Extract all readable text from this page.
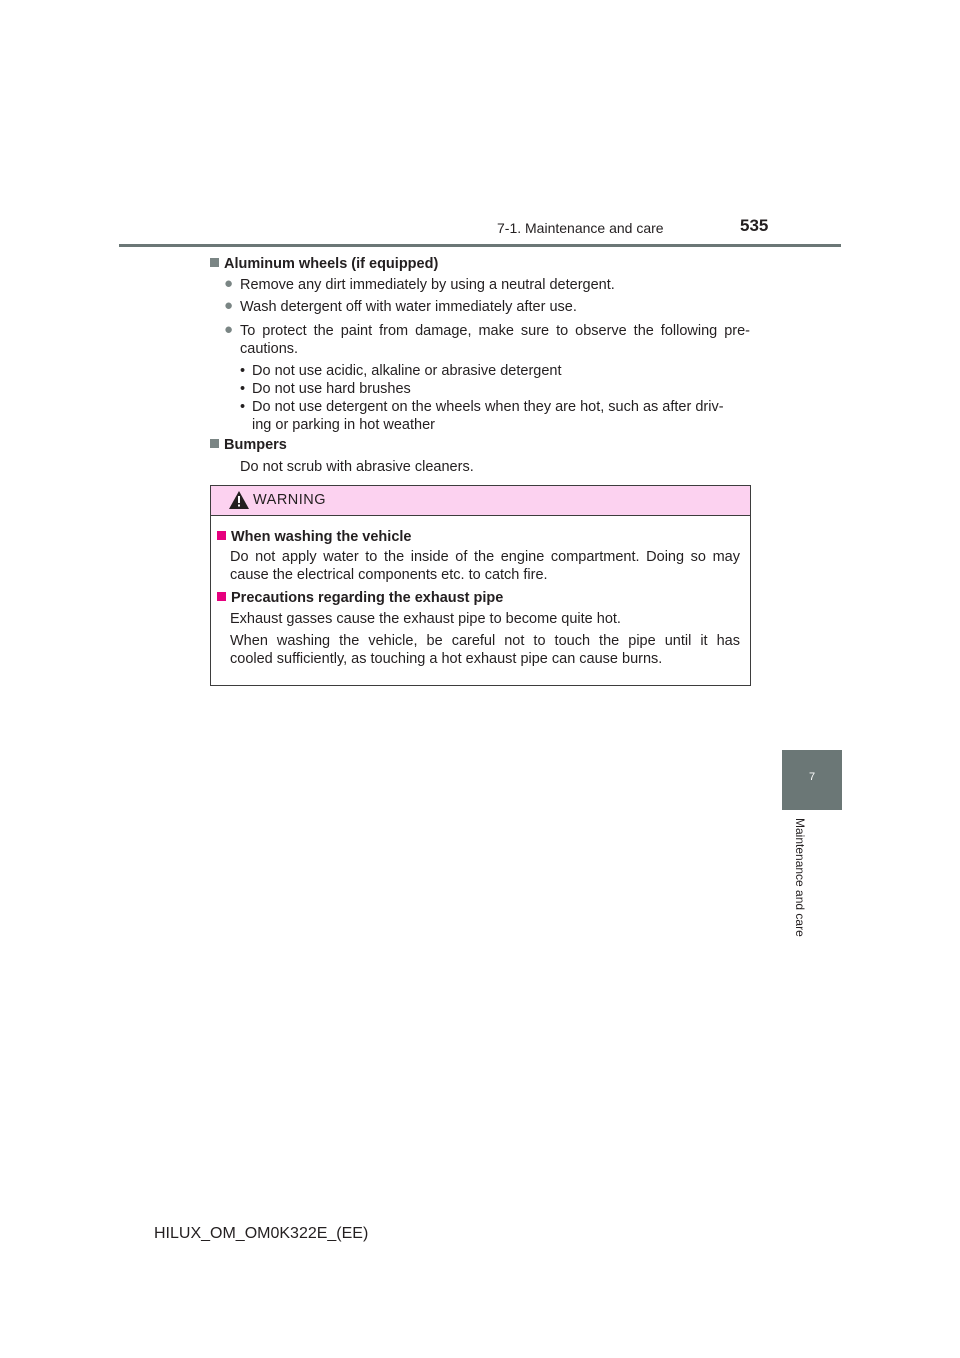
7-1. Maintenance and care	535
7
Maintenance and care
Aluminum wheels (if equipped)
● Remove any dirt immediately by using a neutral detergent.
● Wash detergent off with water immediately after use.
● To protect the paint from damage, make sure to observe the following pre-
cautions.
• Do not use acidic, alkaline or abrasive detergent
• Do not use hard brushes
• Do not use detergent on the wheels when they are hot, such as after driv-
ing or parking in hot weather
Bumpers
Do not scrub with abrasive cleaners.
WARNING
When washing the vehicle
Do not apply water to the inside of the engine compartment. Doing so may
cause the electrical components etc. to catch fire.
Precautions regarding the exhaust pipe
Exhaust gasses cause the exhaust pipe to become quite hot.
When washing the vehicle, be careful not to touch the pipe until it has
cooled sufficiently, as touching a hot exhaust pipe can cause burns.
HILUX_OM_OM0K322E_(EE)
